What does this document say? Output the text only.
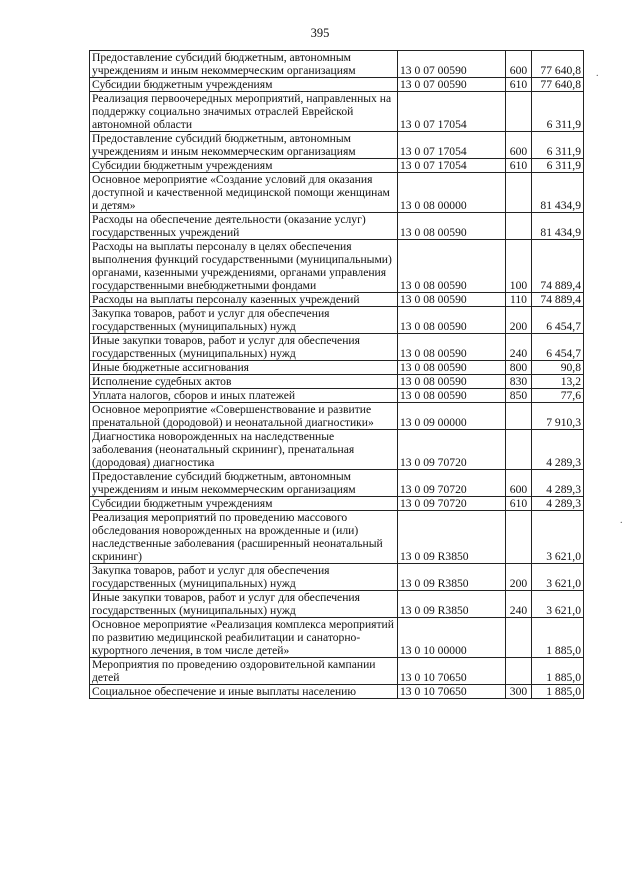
395
Предоставление субсидий бюджетным, автономным учреждениям и иным некоммерческим организациям	13 0 07 00590	600	77 640,8
Субсидии бюджетным учреждениям	13 0 07 00590	610	77 640,8
Реализация первоочередных мероприятий, направленных на поддержку социально значимых отраслей Еврейской автономной области	13 0 07 17054		6 311,9
Предоставление субсидий бюджетным, автономным учреждениям и иным некоммерческим организациям	13 0 07 17054	600	6 311,9
Субсидии бюджетным учреждениям	13 0 07 17054	610	6 311,9
Основное мероприятие «Создание условий для оказания доступной и качественной медицинской помощи женщинам и детям»	13 0 08 00000		81 434,9
Расходы на обеспечение деятельности (оказание услуг) государственных учреждений	13 0 08 00590		81 434,9
Расходы на выплаты персоналу в целях обеспечения выполнения функций государственными (муниципальными) органами, казенными учреждениями, органами управления государственными внебюджетными фондами	13 0 08 00590	100	74 889,4
Расходы на выплаты персоналу казенных учреждений	13 0 08 00590	110	74 889,4
Закупка товаров, работ и услуг для обеспечения государственных (муниципальных) нужд	13 0 08 00590	200	6 454,7
Иные закупки товаров, работ и услуг для обеспечения государственных (муниципальных) нужд	13 0 08 00590	240	6 454,7
Иные бюджетные ассигнования	13 0 08 00590	800	90,8
Исполнение судебных актов	13 0 08 00590	830	13,2
Уплата налогов, сборов и иных платежей	13 0 08 00590	850	77,6
Основное мероприятие «Совершенствование и развитие пренатальной (дородовой) и неонатальной диагностики»	13 0 09 00000		7 910,3
Диагностика новорожденных на наследственные заболевания (неонатальный скрининг), пренатальная (дородовая) диагностика	13 0 09 70720		4 289,3
Предоставление субсидий бюджетным, автономным учреждениям и иным некоммерческим организациям	13 0 09 70720	600	4 289,3
Субсидии бюджетным учреждениям	13 0 09 70720	610	4 289,3
Реализация мероприятий по проведению массового обследования новорожденных на врожденные и (или) наследственные заболевания (расширенный неонатальный скрининг)	13 0 09 R3850		3 621,0
Закупка товаров, работ и услуг для обеспечения государственных (муниципальных) нужд	13 0 09 R3850	200	3 621,0
Иные закупки товаров, работ и услуг для обеспечения государственных (муниципальных) нужд	13 0 09 R3850	240	3 621,0
Основное мероприятие «Реализация комплекса мероприятий по развитию медицинской реабилитации и санаторно-курортного лечения, в том числе детей»	13 0 10 00000		1 885,0
Мероприятия по проведению оздоровительной кампании детей	13 0 10 70650		1 885,0
Социальное обеспечение и иные выплаты населению	13 0 10 70650	300	1 885,0
.
.
